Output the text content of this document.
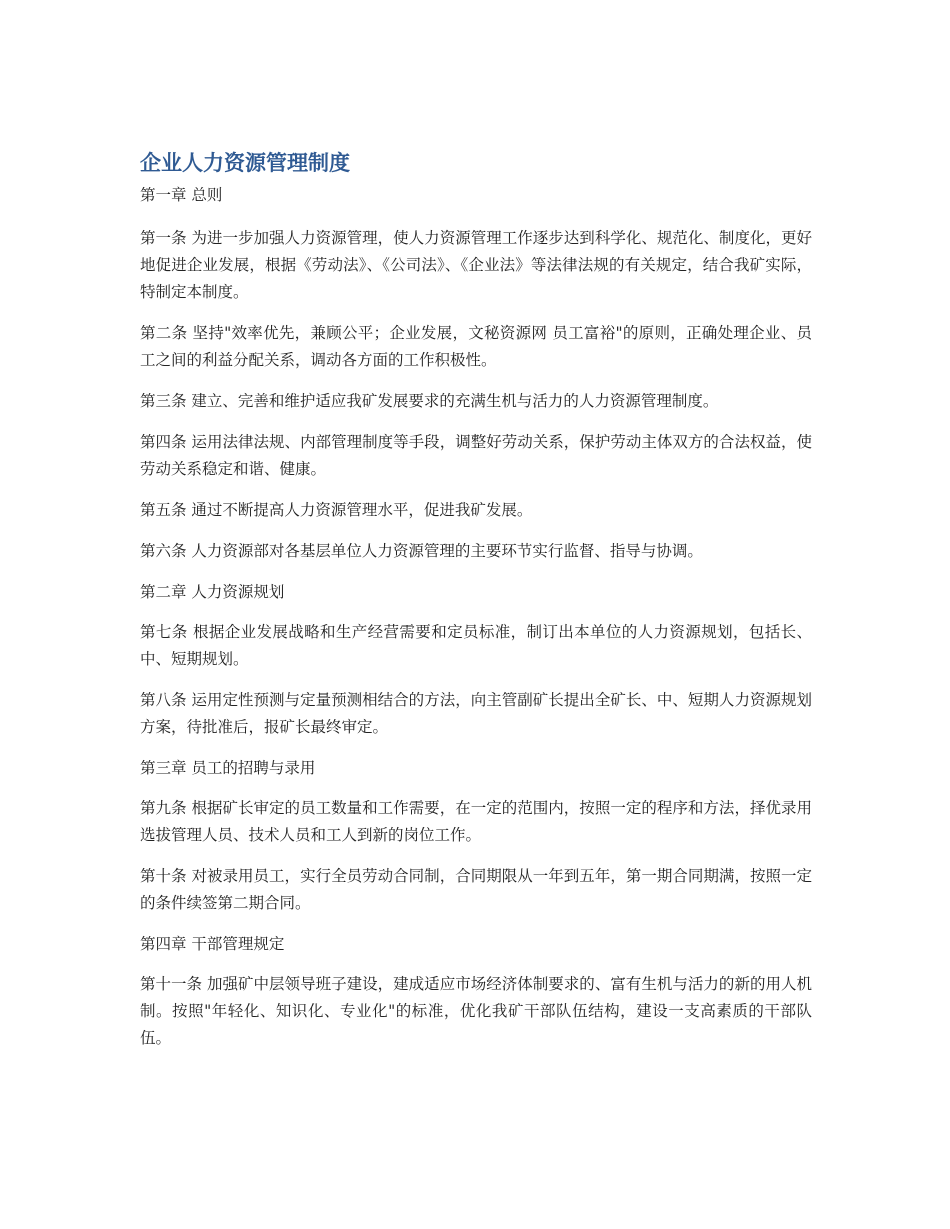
企业人力资源管理制度
第一章 总则

第一条 为进一步加强人力资源管理，使人力资源管理工作逐步达到科学化、规范化、制度化，更好地促进企业发展，根据《劳动法》、《公司法》、《企业法》等法律法规的有关规定，结合我矿实际，特制定本制度。

第二条 坚持"效率优先，兼顾公平；企业发展，文秘资源网 员工富裕"的原则，正确处理企业、员工之间的利益分配关系，调动各方面的工作积极性。

第三条 建立、完善和维护适应我矿发展要求的充满生机与活力的人力资源管理制度。

第四条 运用法律法规、内部管理制度等手段，调整好劳动关系，保护劳动主体双方的合法权益，使劳动关系稳定和谐、健康。

第五条 通过不断提高人力资源管理水平，促进我矿发展。

第六条 人力资源部对各基层单位人力资源管理的主要环节实行监督、指导与协调。

第二章 人力资源规划

第七条 根据企业发展战略和生产经营需要和定员标准，制订出本单位的人力资源规划，包括长、中、短期规划。

第八条 运用定性预测与定量预测相结合的方法，向主管副矿长提出全矿长、中、短期人力资源规划方案，待批准后，报矿长最终审定。

第三章 员工的招聘与录用

第九条 根据矿长审定的员工数量和工作需要，在一定的范围内，按照一定的程序和方法，择优录用选拔管理人员、技术人员和工人到新的岗位工作。

第十条 对被录用员工，实行全员劳动合同制，合同期限从一年到五年，第一期合同期满，按照一定的条件续签第二期合同。

第四章 干部管理规定

第十一条 加强矿中层领导班子建设，建成适应市场经济体制要求的、富有生机与活力的新的用人机制。按照"年轻化、知识化、专业化"的标准，优化我矿干部队伍结构，建设一支高素质的干部队伍。
